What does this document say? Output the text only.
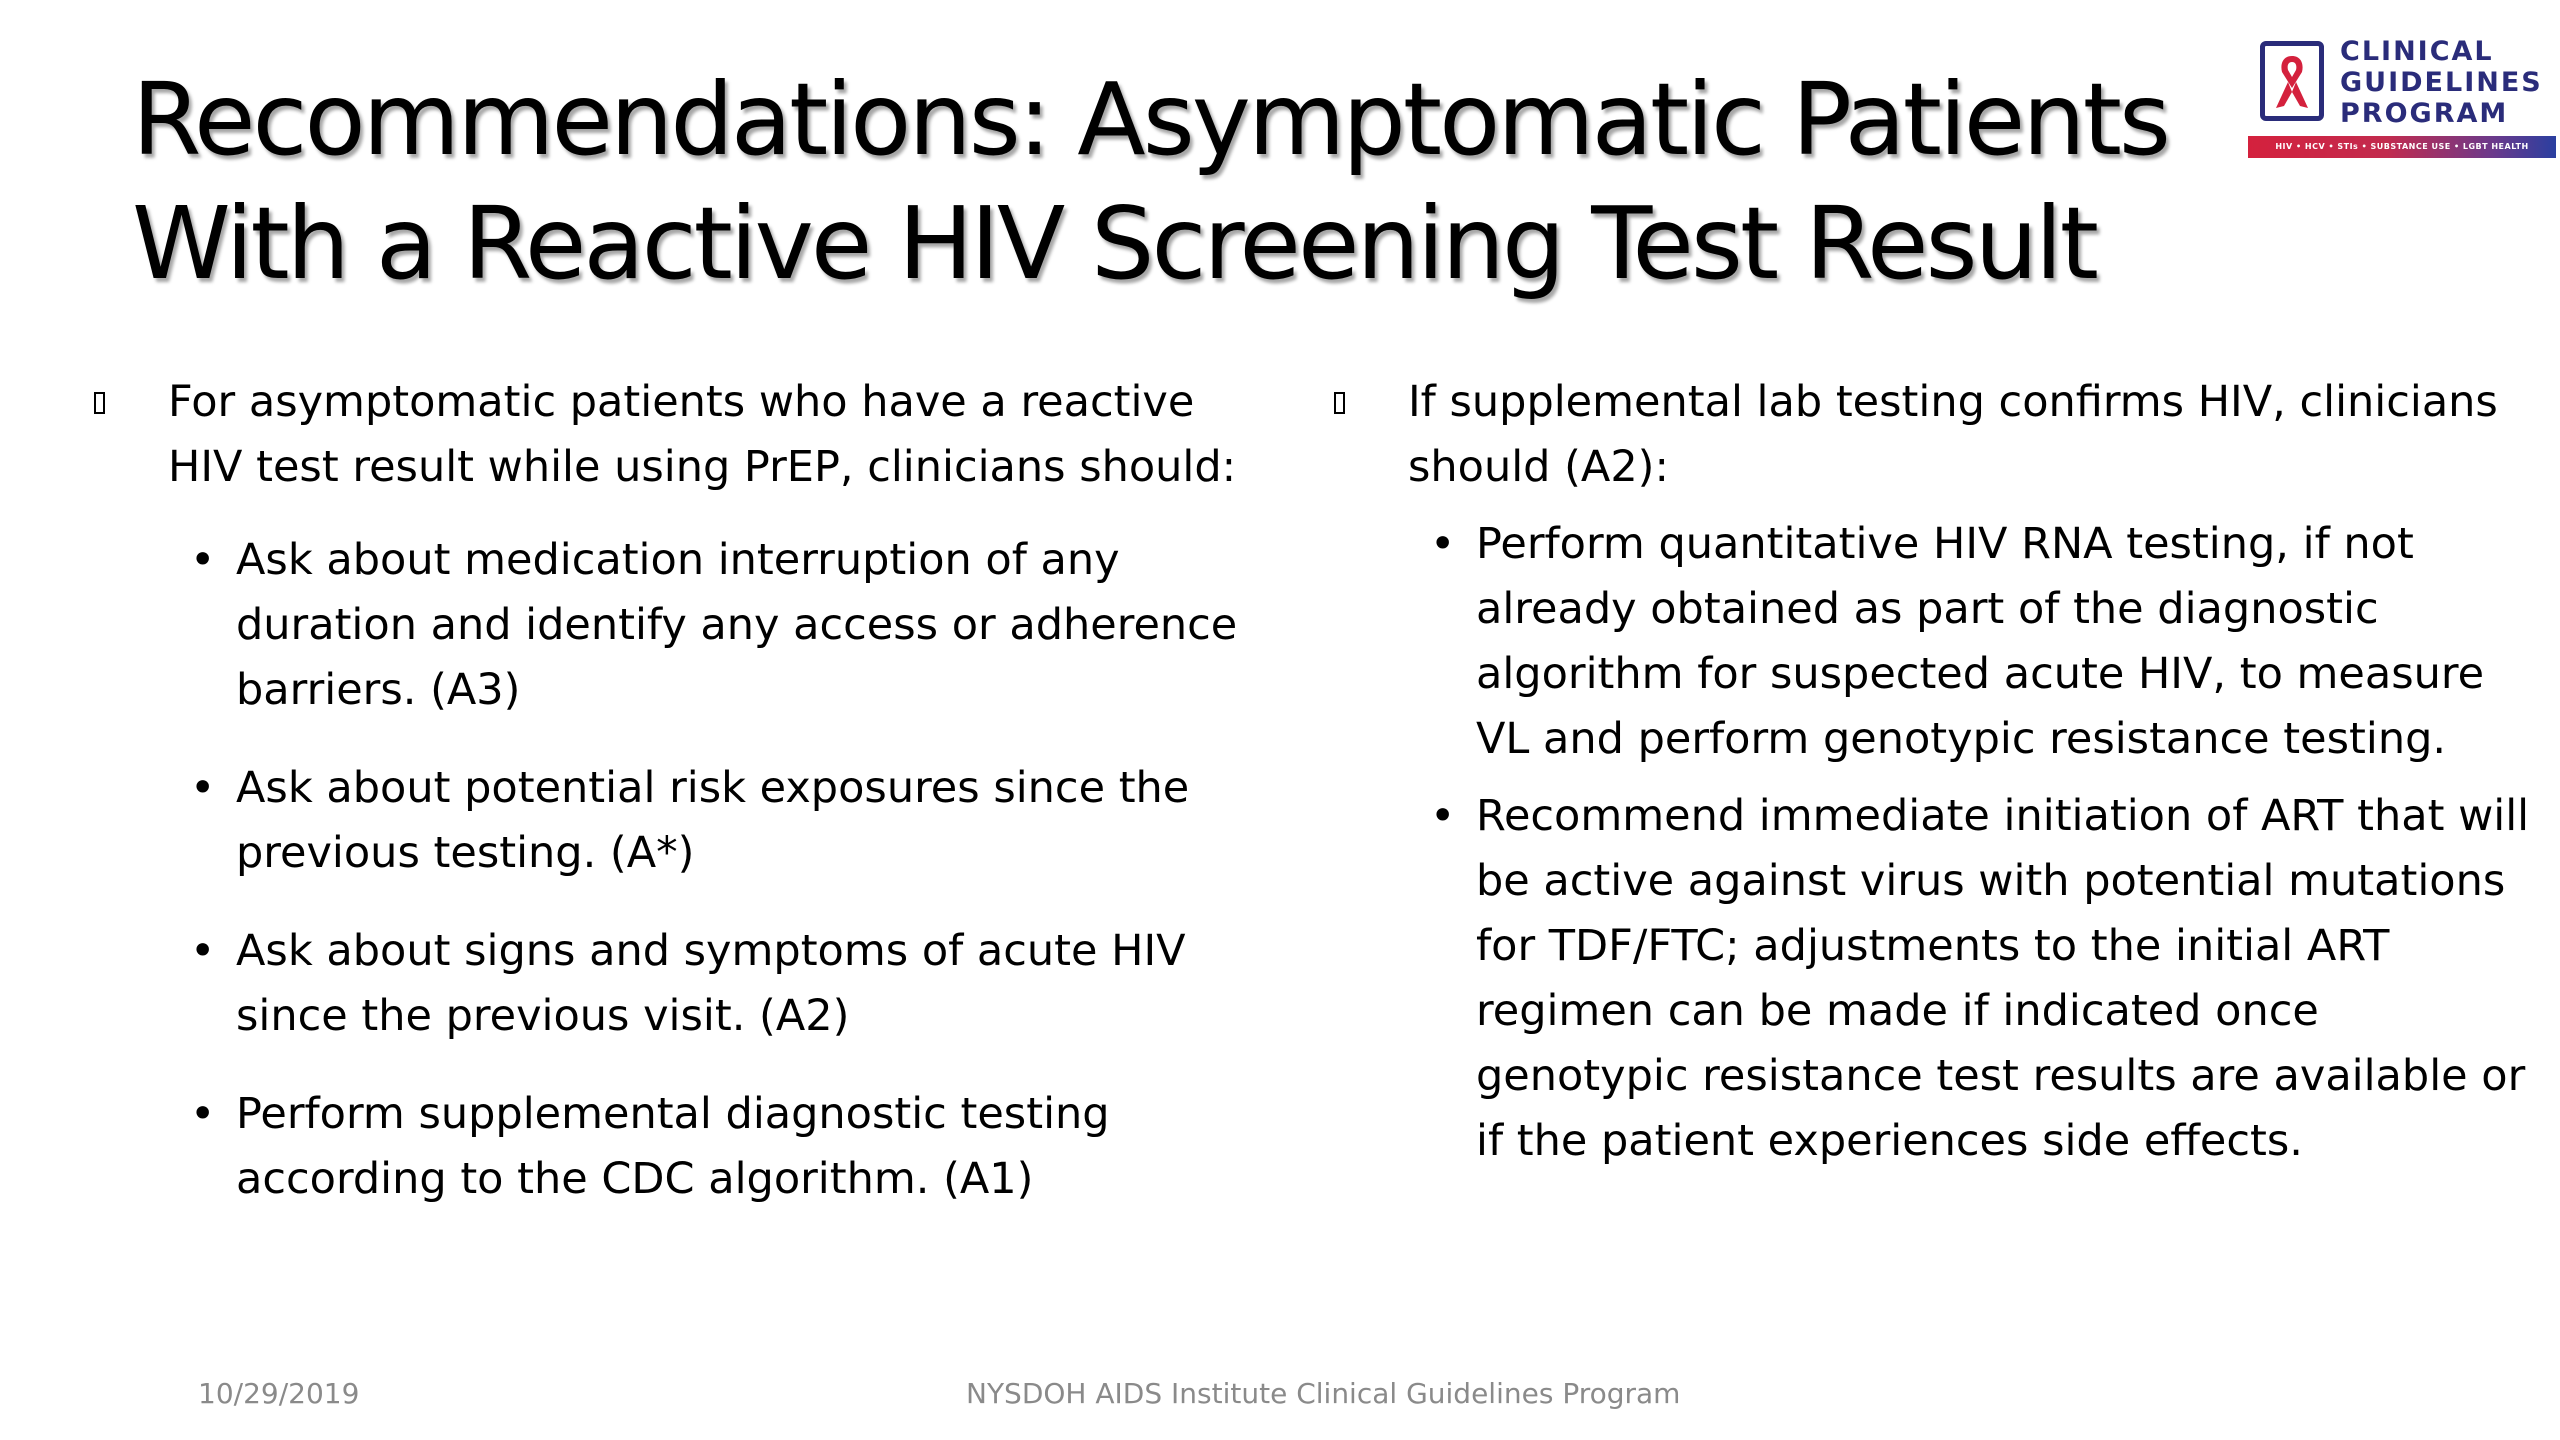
Recommendations: Asymptomatic Patients
With a Reactive HIV Screening Test Result

CLINICAL
GUIDELINES
PROGRAM

HIV • HCV • STIs • SUBSTANCE USE • LGBT HEALTH

For asymptomatic patients who have a reactive HIV test result while using PrEP, clinicians should:

• Ask about medication interruption of any duration and identify any access or adherence barriers. (A3)
• Ask about potential risk exposures since the previous testing. (A*)
• Ask about signs and symptoms of acute HIV since the previous visit. (A2)
• Perform supplemental diagnostic testing according to the CDC algorithm. (A1)

If supplemental lab testing confirms HIV, clinicians should (A2):

• Perform quantitative HIV RNA testing, if not already obtained as part of the diagnostic algorithm for suspected acute HIV, to measure VL and perform genotypic resistance testing.
• Recommend immediate initiation of ART that will be active against virus with potential mutations for TDF/FTC; adjustments to the initial ART regimen can be made if indicated once genotypic resistance test results are available or if the patient experiences side effects.
10/29/2019	NYSDOH AIDS Institute Clinical Guidelines Program
